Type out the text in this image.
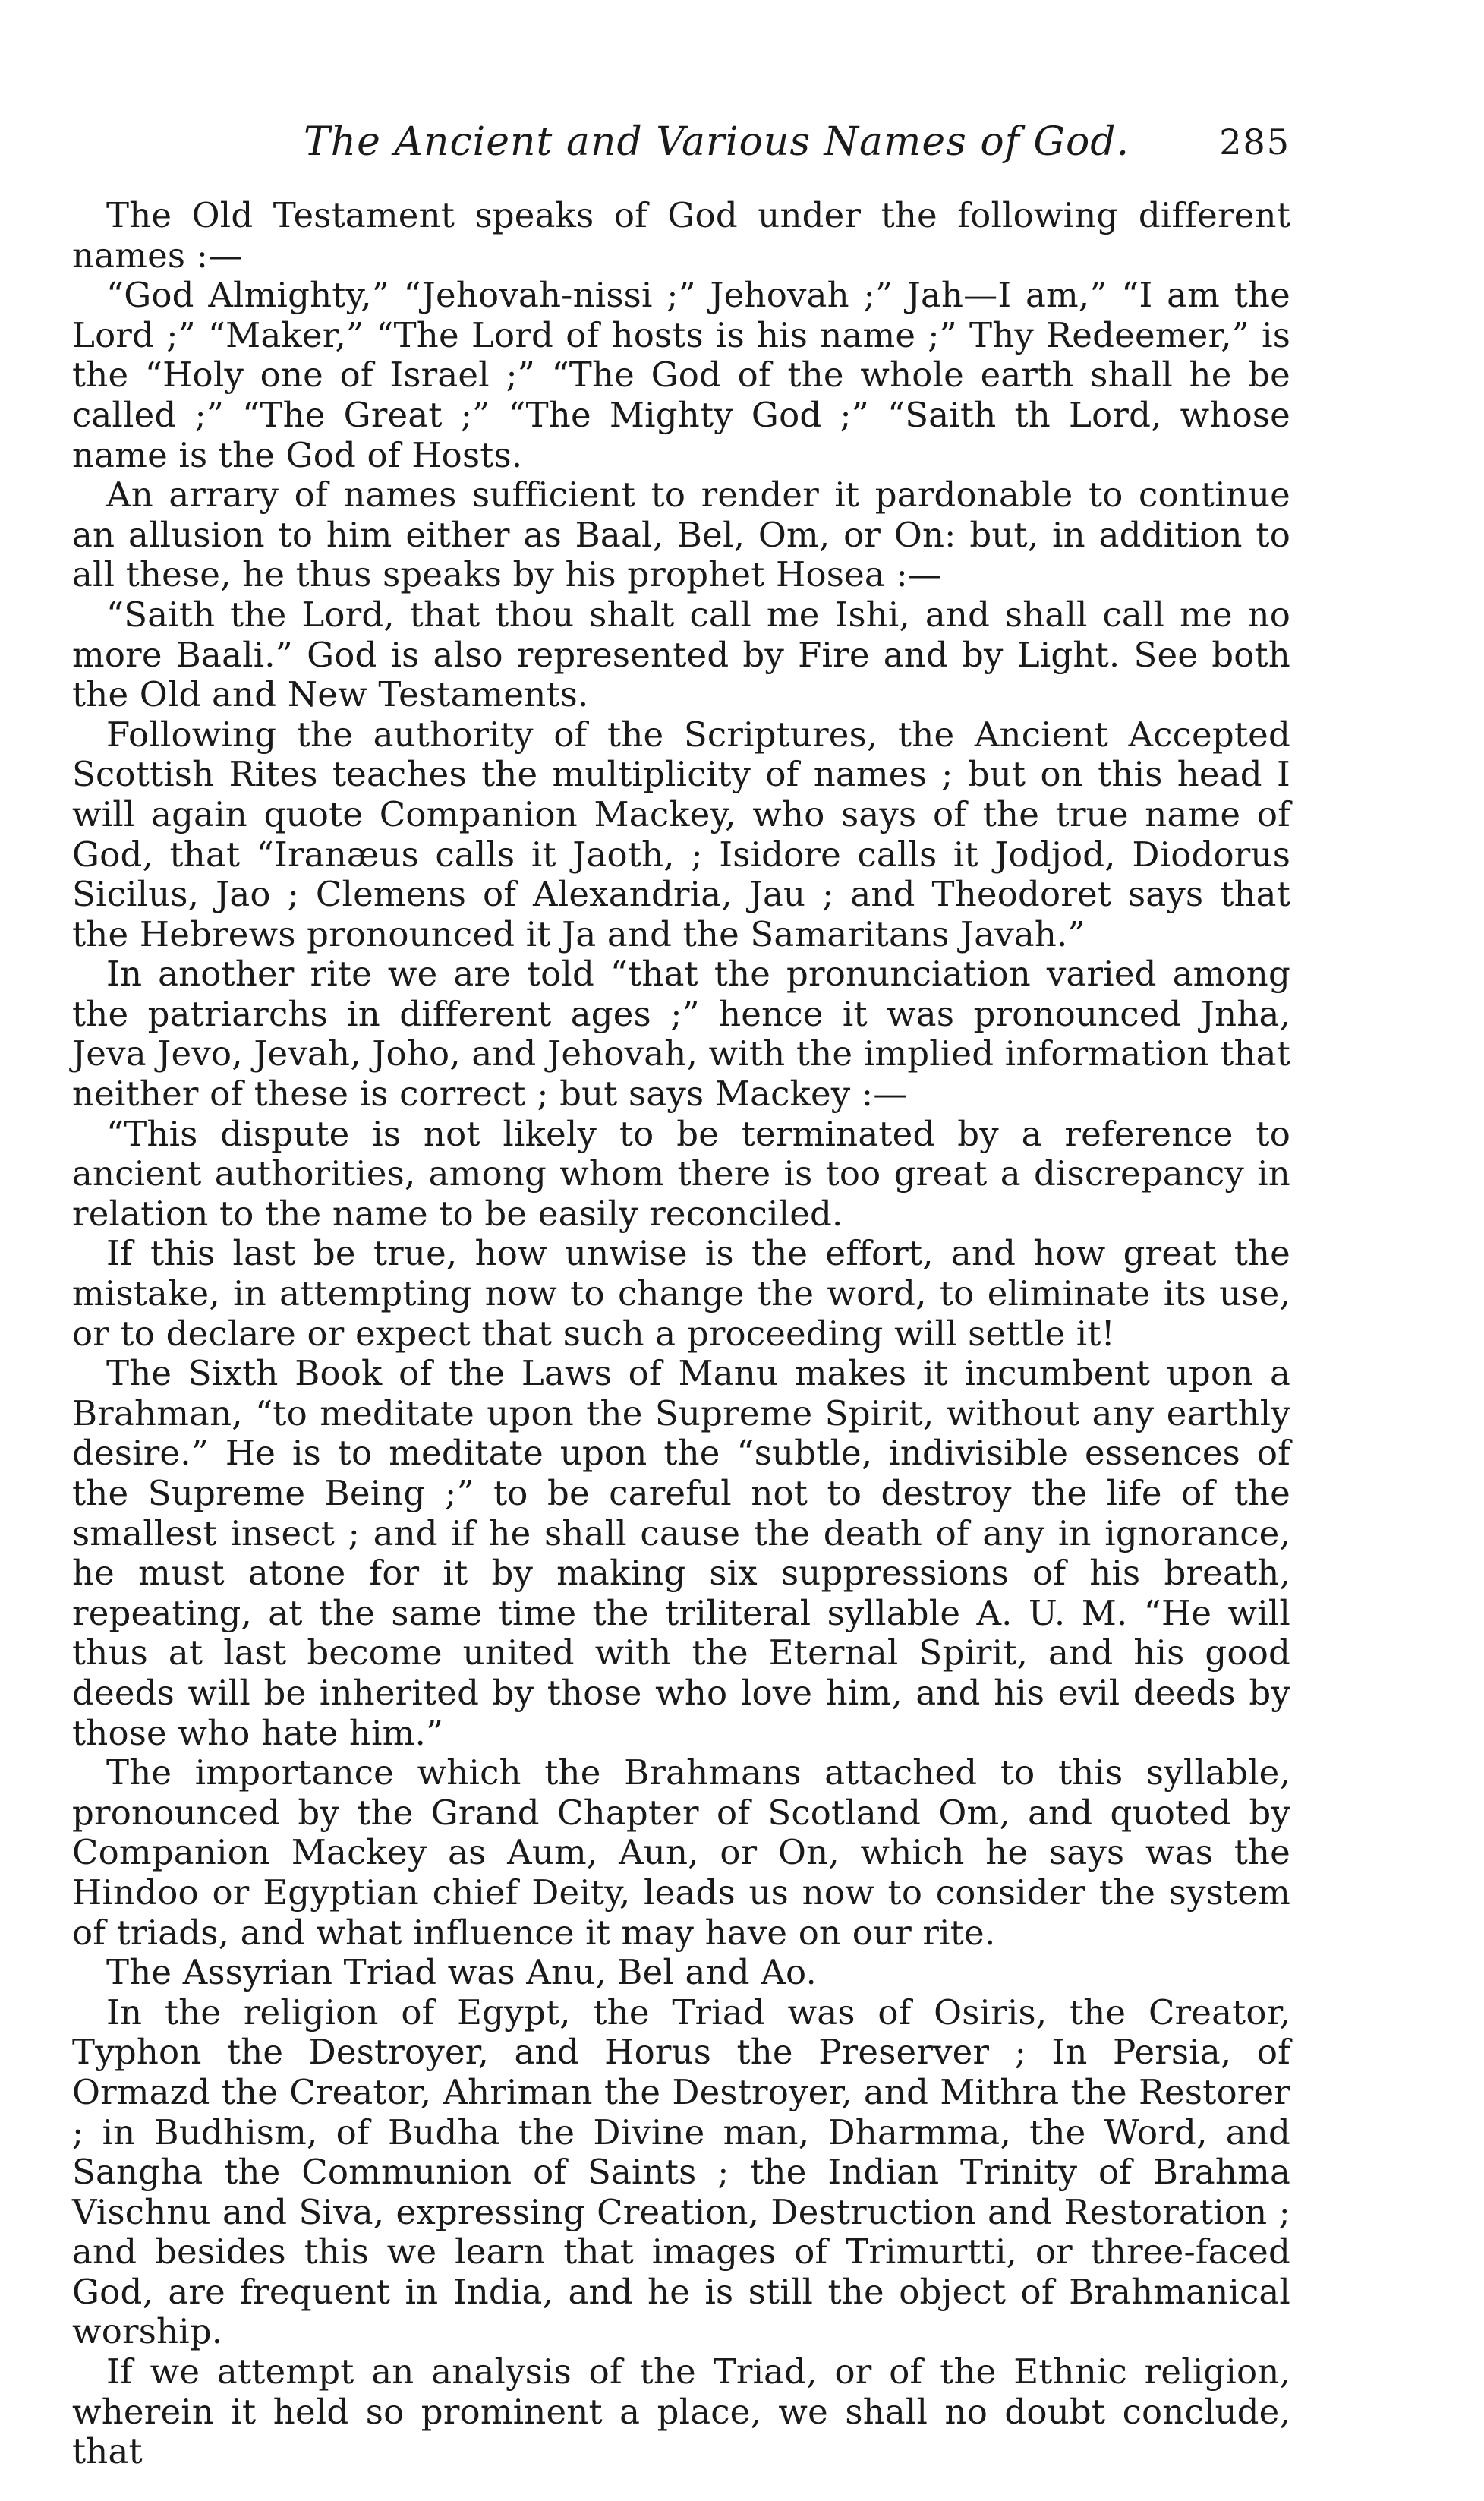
The Ancient and Various Names of God.	285

The Old Testament speaks of God under the following different names :—

“God Almighty,” “Jehovah-nissi ;” Jehovah ;” Jah—I am,” “I am the Lord ;” “Maker,” “The Lord of hosts is his name ;” Thy Redeemer,” is the “Holy one of Israel ;” “The God of the whole earth shall he be called ;” “The Great ;” “The Mighty God ;” “Saith th Lord, whose name is the God of Hosts.

An arrary of names sufficient to render it pardonable to continue an allusion to him either as Baal, Bel, Om, or On: but, in addition to all these, he thus speaks by his prophet Hosea :—

“Saith the Lord, that thou shalt call me Ishi, and shall call me no more Baali.” God is also represented by Fire and by Light. See both the Old and New Testaments.

Following the authority of the Scriptures, the Ancient Accepted Scottish Rites teaches the multiplicity of names ; but on this head I will again quote Companion Mackey, who says of the true name of God, that “Iranæus calls it Jaoth, ; Isidore calls it Jodjod, Diodorus Sicilus, Jao ; Clemens of Alexandria, Jau ; and Theodoret says that the Hebrews pronounced it Ja and the Samaritans Javah.”

In another rite we are told “that the pronunciation varied among the patriarchs in different ages ;” hence it was pronounced Jnha, Jeva Jevo, Jevah, Joho, and Jehovah, with the implied information that neither of these is correct ; but says Mackey :—

“This dispute is not likely to be terminated by a reference to ancient authorities, among whom there is too great a discrepancy in relation to the name to be easily reconciled.

If this last be true, how unwise is the effort, and how great the mistake, in attempting now to change the word, to eliminate its use, or to declare or expect that such a proceeding will settle it!

The Sixth Book of the Laws of Manu makes it incumbent upon a Brahman, “to meditate upon the Supreme Spirit, without any earthly desire.” He is to meditate upon the “subtle, indivisible essences of the Supreme Being ;” to be careful not to destroy the life of the smallest insect ; and if he shall cause the death of any in ignorance, he must atone for it by making six suppressions of his breath, repeating, at the same time the triliteral syllable A. U. M. “He will thus at last become united with the Eternal Spirit, and his good deeds will be inherited by those who love him, and his evil deeds by those who hate him.”

The importance which the Brahmans attached to this syllable, pronounced by the Grand Chapter of Scotland Om, and quoted by Companion Mackey as Aum, Aun, or On, which he says was the Hindoo or Egyptian chief Deity, leads us now to consider the system of triads, and what influence it may have on our rite.

The Assyrian Triad was Anu, Bel and Ao.

In the religion of Egypt, the Triad was of Osiris, the Creator, Typhon the Destroyer, and Horus the Preserver ; In Persia, of Ormazd the Creator, Ahriman the Destroyer, and Mithra the Restorer ; in Budhism, of Budha the Divine man, Dharmma, the Word, and Sangha the Communion of Saints ; the Indian Trinity of Brahma Vischnu and Siva, expressing Creation, Destruction and Restoration ; and besides this we learn that images of Trimurtti, or three-faced God, are frequent in India, and he is still the object of Brahmanical worship.

If we attempt an analysis of the Triad, or of the Ethnic religion, wherein it held so prominent a place, we shall no doubt conclude, that
